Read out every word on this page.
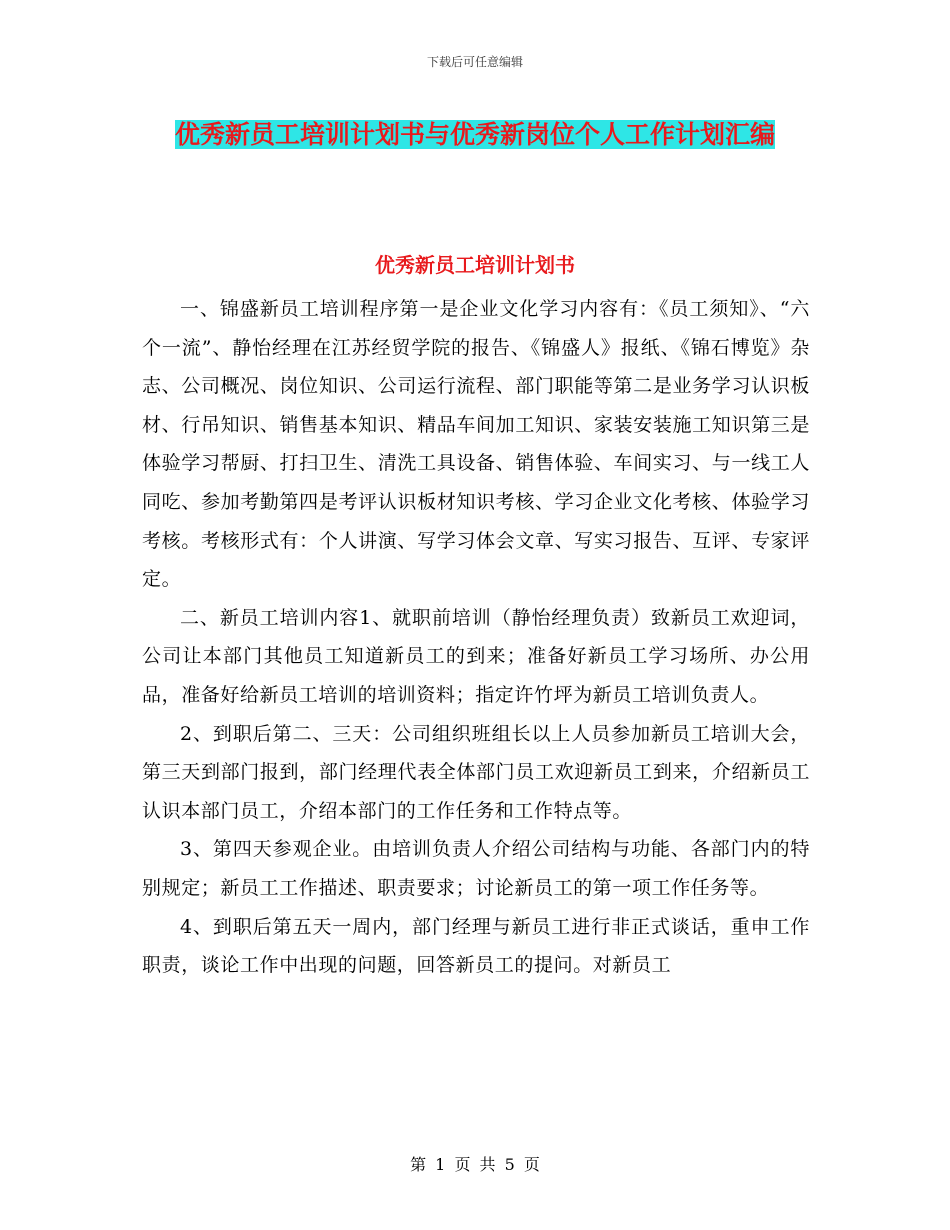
下载后可任意编辑
优秀新员工培训计划书与优秀新岗位个人工作计划汇编
优秀新员工培训计划书

一、锦盛新员工培训程序第一是企业文化学习内容有：《员工须知》、“六个一流”、静怡经理在江苏经贸学院的报告、《锦盛人》报纸、《锦石博览》杂志、公司概况、岗位知识、公司运行流程、部门职能等第二是业务学习认识板材、行吊知识、销售基本知识、精品车间加工知识、家装安装施工知识第三是体验学习帮厨、打扫卫生、清洗工具设备、销售体验、车间实习、与一线工人同吃、参加考勤第四是考评认识板材知识考核、学习企业文化考核、体验学习考核。考核形式有：个人讲演、写学习体会文章、写实习报告、互评、专家评定。

二、新员工培训内容1、就职前培训（静怡经理负责）致新员工欢迎词，公司让本部门其他员工知道新员工的到来；准备好新员工学习场所、办公用品，准备好给新员工培训的培训资料；指定许竹坪为新员工培训负责人。

2、到职后第二、三天：公司组织班组长以上人员参加新员工培训大会，第三天到部门报到，部门经理代表全体部门员工欢迎新员工到来，介绍新员工认识本部门员工，介绍本部门的工作任务和工作特点等。

3、第四天参观企业。由培训负责人介绍公司结构与功能、各部门内的特别规定；新员工工作描述、职责要求；讨论新员工的第一项工作任务等。

4、到职后第五天一周内，部门经理与新员工进行非正式谈话，重申工作职责，谈论工作中出现的问题，回答新员工的提问。对新员工

第 1 页 共 5 页
